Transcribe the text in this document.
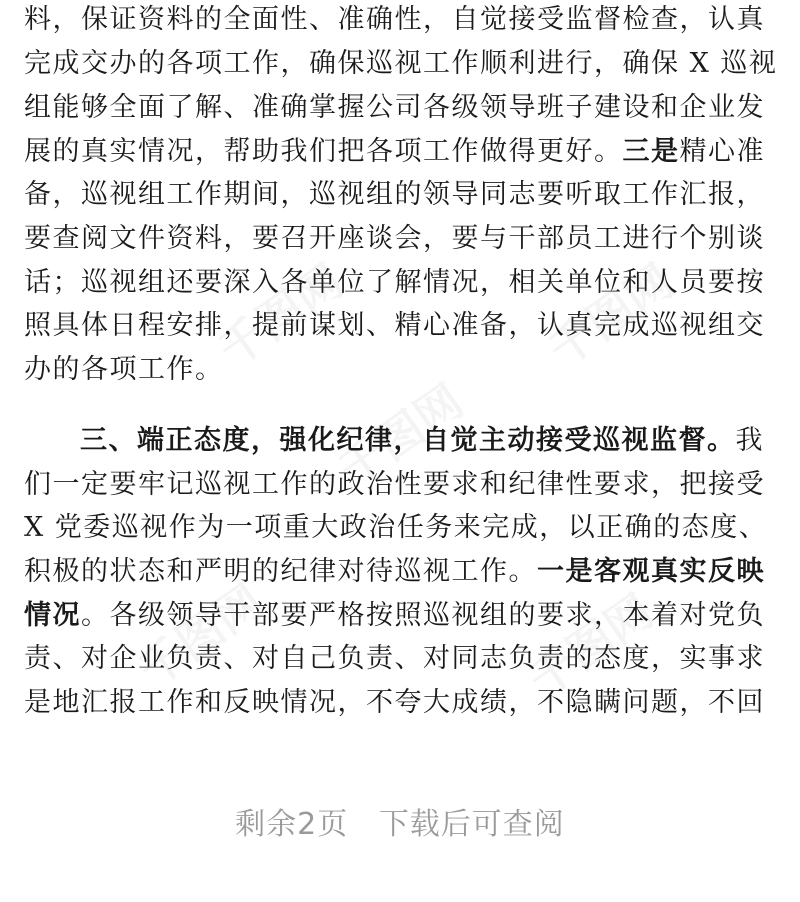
料，保证资料的全面性、准确性，自觉接受监督检查，认真
完成交办的各项工作，确保巡视工作顺利进行，确保 X 巡视
组能够全面了解、准确掌握公司各级领导班子建设和企业发
展的真实情况，帮助我们把各项工作做得更好。三是精心准
备，巡视组工作期间，巡视组的领导同志要听取工作汇报，
要查阅文件资料，要召开座谈会，要与干部员工进行个别谈
话；巡视组还要深入各单位了解情况，相关单位和人员要按
照具体日程安排，提前谋划、精心准备，认真完成巡视组交
办的各项工作。
三、端正态度，强化纪律，自觉主动接受巡视监督。我
们一定要牢记巡视工作的政治性要求和纪律性要求，把接受
X 党委巡视作为一项重大政治任务来完成，以正确的态度、
积极的状态和严明的纪律对待巡视工作。一是客观真实反映
情况。各级领导干部要严格按照巡视组的要求，本着对党负
责、对企业负责、对自己负责、对同志负责的态度，实事求
是地汇报工作和反映情况，不夸大成绩，不隐瞒问题，不回
剩余2页 下载后可查阅
